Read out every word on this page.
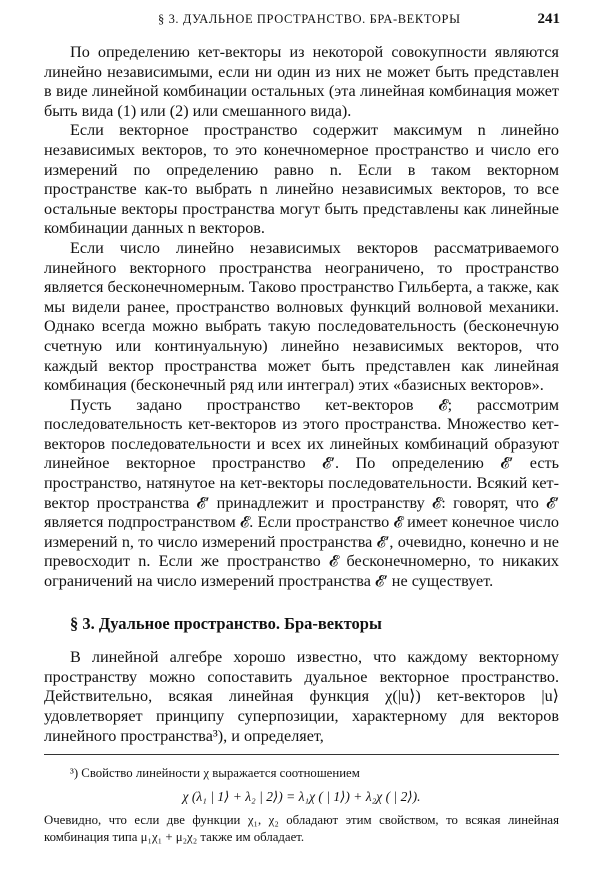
§ 3. ДУАЛЬНОЕ ПРОСТРАНСТВО. БРА-ВЕКТОРЫ	241

По определению кет-векторы из некоторой совокупности являются линейно независимыми, если ни один из них не может быть представлен в виде линейной комбинации остальных (эта линейная комбинация может быть вида (1) или (2) или смешанного вида).

Если векторное пространство содержит максимум n линейно независимых векторов, то это конечномерное пространство и число его измерений по определению равно n. Если в таком векторном пространстве как-то выбрать n линейно независимых векторов, то все остальные векторы пространства могут быть представлены как линейные комбинации данных n векторов.

Если число линейно независимых векторов рассматриваемого линейного векторного пространства неограничено, то пространство является бесконечномерным. Таково пространство Гильберта, а также, как мы видели ранее, пространство волновых функций волновой механики. Однако всегда можно выбрать такую последовательность (бесконечную счетную или континуальную) линейно независимых векторов, что каждый вектор пространства может быть представлен как линейная комбинация (бесконечный ряд или интеграл) этих «базисных векторов».

Пусть задано пространство кет-векторов 𝓔; рассмотрим последовательность кет-векторов из этого пространства. Множество кет-векторов последовательности и всех их линейных комбинаций образуют линейное векторное пространство 𝓔′. По определению 𝓔′ есть пространство, натянутое на кет-векторы последовательности. Всякий кет-вектор пространства 𝓔′ принадлежит и пространству 𝓔: говорят, что 𝓔′ является подпространством 𝓔. Если пространство 𝓔 имеет конечное число измерений n, то число измерений пространства 𝓔′, очевидно, конечно и не превосходит n. Если же пространство 𝓔 бесконечномерно, то никаких ограничений на число измерений пространства 𝓔′ не существует.

§ 3. Дуальное пространство. Бра-векторы

В линейной алгебре хорошо известно, что каждому векторному пространству можно сопоставить дуальное векторное пространство. Действительно, всякая линейная функция χ(|u⟩) кет-векторов |u⟩ удовлетворяет принципу суперпозиции, характерному для векторов линейного пространства³), и определяет,

³) Свойство линейности χ выражается соотношением
χ (λ₁ | 1⟩ + λ₂ | 2⟩) = λ₁χ ( | 1⟩) + λ₂χ ( | 2⟩).
Очевидно, что если две функции χ₁, χ₂ обладают этим свойством, то всякая линейная комбинация типа μ₁χ₁ + μ₂χ₂ также им обладает.
